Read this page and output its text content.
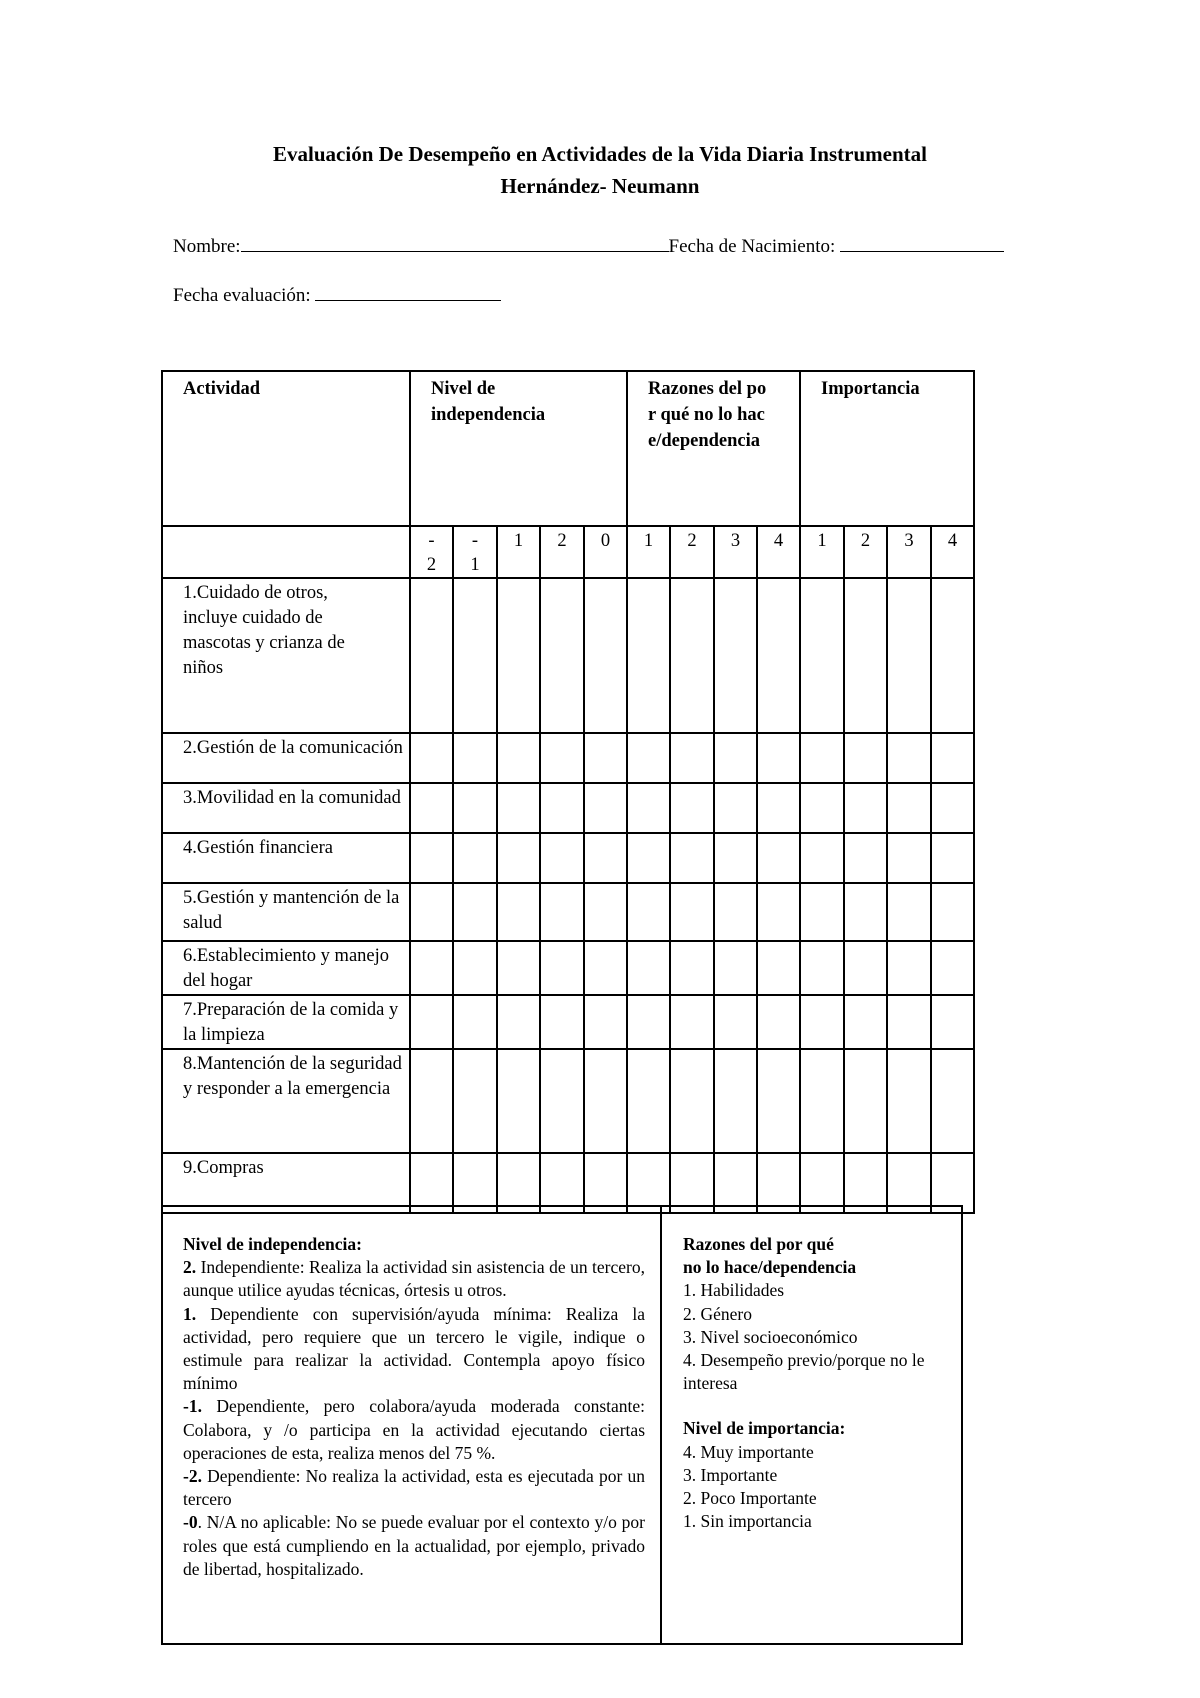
Evaluación De Desempeño en Actividades de la Vida Diaria Instrumental
Hernández- Neumann
Nombre:	Fecha de Nacimiento:
Fecha evaluación:
Actividad	Nivel de independencia					Razones del por qué no lo hace/dependencia				Importancia			

	-2	-1	1	2	0	1	2	3	4	1	2	3	4

1.Cuidado de otros, incluye cuidado de mascotas y crianza de niños													

2.Gestión de la comunicación													

3.Movilidad en la comunidad													

4.Gestión financiera													

5.Gestión y mantención de la salud													

6.Establecimiento y manejo del hogar													

7.Preparación de la comida y la limpieza													

8.Mantención de la seguridad y responder a la emergencia													

9.Compras													

Nivel de independencia:

2. Independiente: Realiza la actividad sin asistencia de un tercero, aunque utilice ayudas técnicas, órtesis u otros.

1. Dependiente con supervisión/ayuda mínima: Realiza la actividad, pero requiere que un tercero le vigile, indique o estimule para realizar la actividad. Contempla apoyo físico mínimo

-1. Dependiente, pero colabora/ayuda moderada constante: Colabora, y /o participa en la actividad ejecutando ciertas operaciones de esta, realiza menos del 75 %.

-2. Dependiente: No realiza la actividad, esta es ejecutada por un tercero

-0. N/A no aplicable: No se puede evaluar por el contexto y/o por roles que está cumpliendo en la actualidad, por ejemplo, privado de libertad, hospitalizado.

Razones del por qué

no lo hace/dependencia

1. Habilidades

2. Género

3. Nivel socioeconómico

4. Desempeño previo/porque no le interesa

Nivel de importancia:

4. Muy importante

3. Importante

2. Poco Importante

1. Sin importancia
